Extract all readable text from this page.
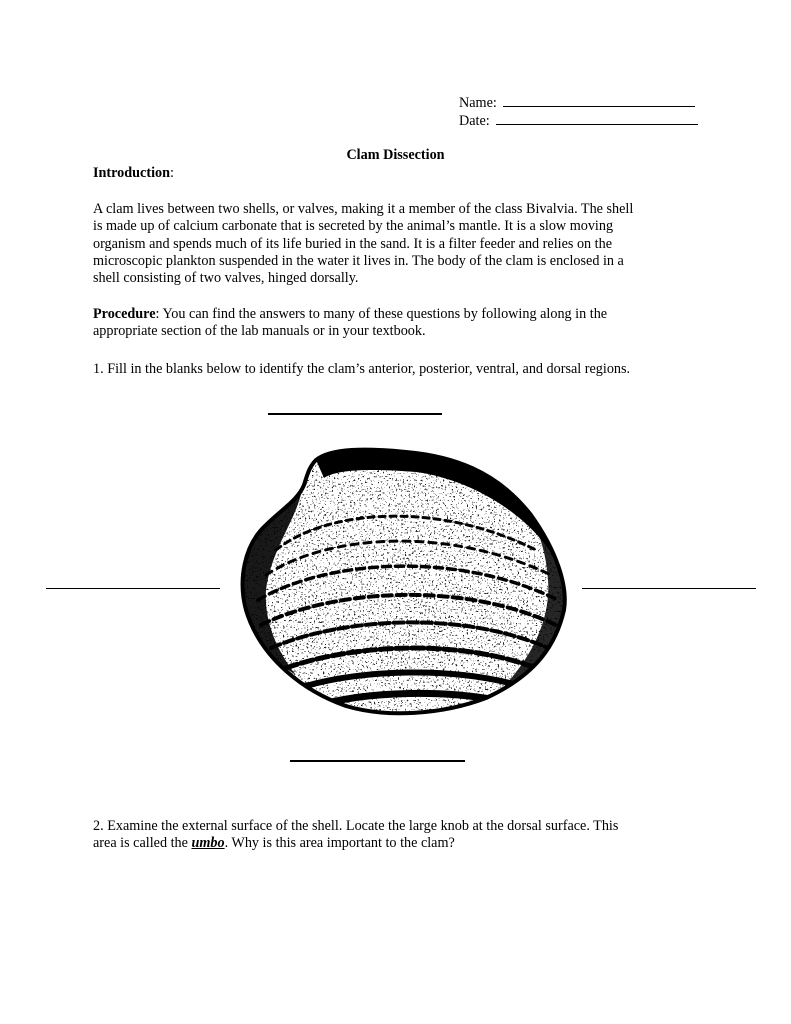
Name:
Date:
Clam Dissection
Introduction:

A clam lives between two shells, or valves, making it a member of the class Bivalvia. The shell

is made up of calcium carbonate that is secreted by the animal’s mantle. It is a slow moving

organism and spends much of its life buried in the sand. It is a filter feeder and relies on the

microscopic plankton suspended in the water it lives in. The body of the clam is enclosed in a

shell consisting of two valves, hinged dorsally.

Procedure: You can find the answers to many of these questions by following along in the

appropriate section of the lab manuals or in your textbook.

1. Fill in the blanks below to identify the clam’s anterior, posterior, ventral, and dorsal regions.

2. Examine the external surface of the shell. Locate the large knob at the dorsal surface. This

area is called the umbo. Why is this area important to the clam?
